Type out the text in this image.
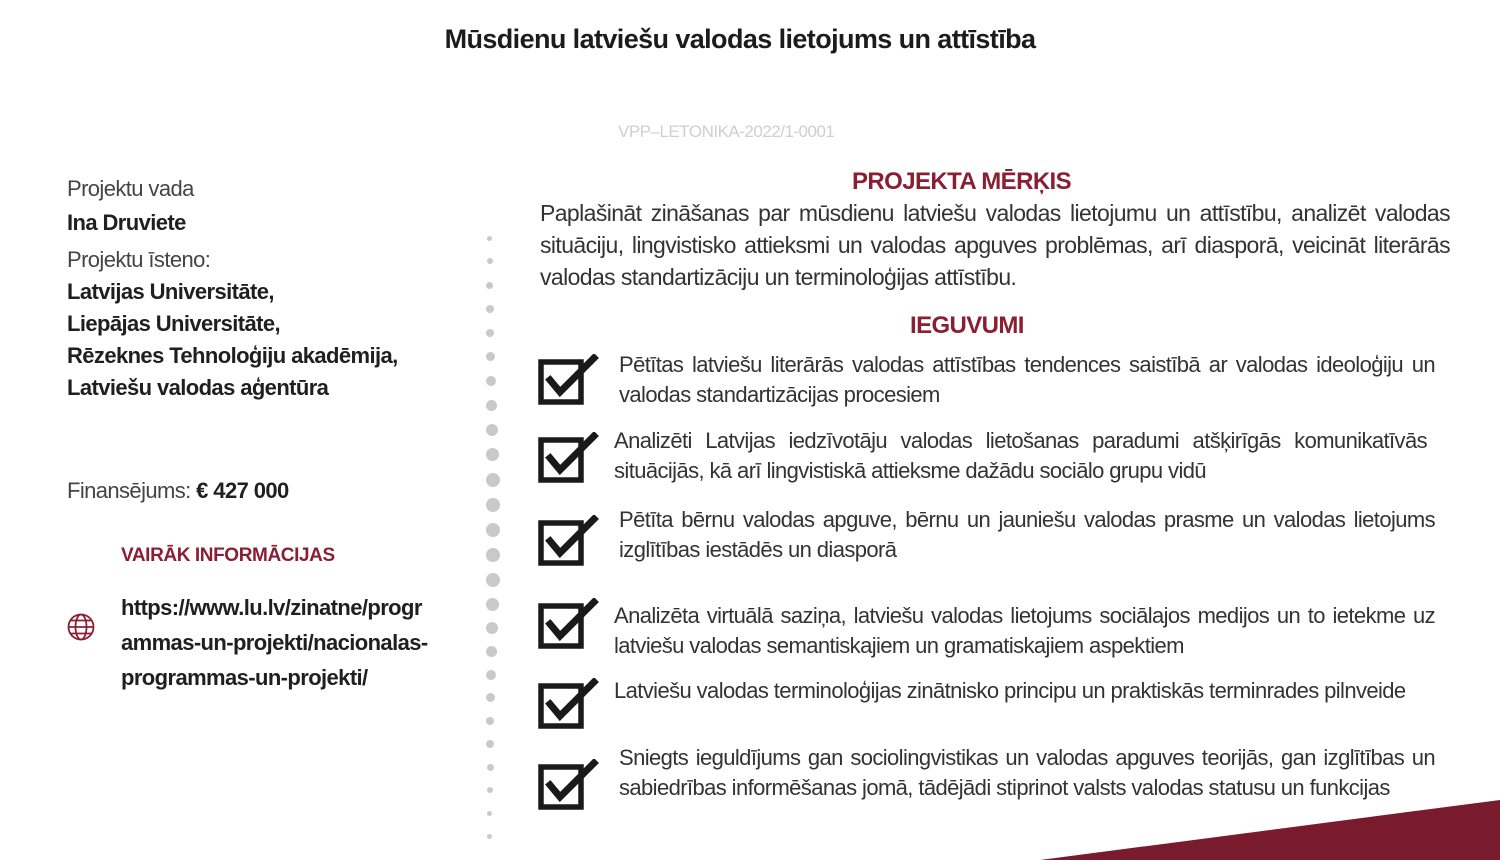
Mūsdienu latviešu valodas lietojums un attīstība
VPP–LETONIKA-2022/1-0001
Projektu vada
Ina Druviete
Projektu īsteno:
Latvijas Universitāte,
Liepājas Universitāte,
Rēzeknes Tehnoloģiju akadēmija,
Latviešu valodas aģentūra
Finansējums: € 427 000
VAIRĀK INFORMĀCIJAS
https://www.lu.lv/zinatne/programmas-un-projekti/nacionalas-programmas-un-projekti/
PROJEKTA MĒRĶIS
Paplašināt zināšanas par mūsdienu latviešu valodas lietojumu un attīstību, analizēt valodas situāciju, lingvistisko attieksmi un valodas apguves problēmas, arī diasporā, veicināt literārās valodas standartizāciju un terminoloģijas attīstību.
IEGUVUMI
Pētītas latviešu literārās valodas attīstības tendences saistībā ar valodas ideoloģiju un valodas standartizācijas procesiem
Analizēti Latvijas iedzīvotāju valodas lietošanas paradumi atšķirīgās komunikatīvās situācijās, kā arī lingvistiskā attieksme dažādu sociālo grupu vidū
Pētīta bērnu valodas apguve, bērnu un jauniešu valodas prasme un valodas lietojums izglītības iestādēs un diasporā
Analizēta virtuālā saziņa, latviešu valodas lietojums sociālajos medijos un to ietekme uz latviešu valodas semantiskajiem un gramatiskajiem aspektiem
Latviešu valodas terminoloģijas zinātnisko principu un praktiskās terminrades pilnveide
Sniegts ieguldījums gan sociolingvistikas un valodas apguves teorijās, gan izglītības un sabiedrības informēšanas jomā, tādējādi stiprinot valsts valodas statusu un funkcijas
